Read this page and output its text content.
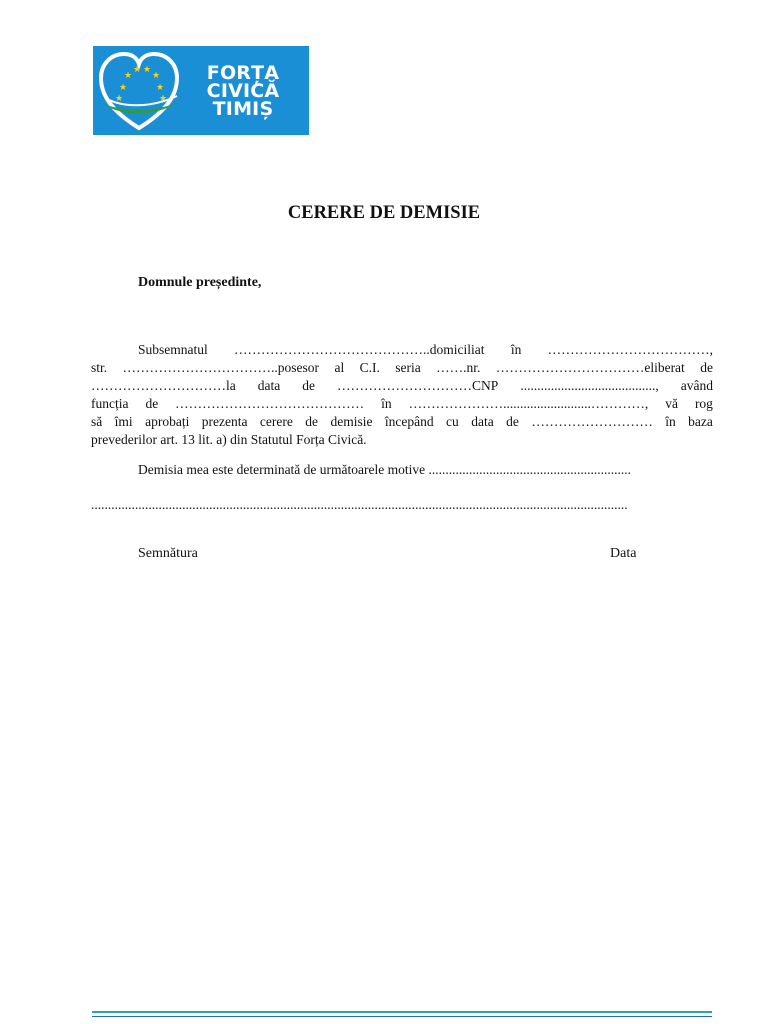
★
★
★ ★
★
★
★	★
FORȚA
CIVICĂ
TIMIȘ
CERERE DE DEMISIE
Domnule președinte,
Subsemnatul ……………………………………..domiciliat în ………………………………,
str. ……………………………..posesor al C.I. seria …….nr. ……………………………eliberat de
…………………………la data de …………………………CNP ........................................, având
funcția de …………………………………… în …………………..........................…………, vă rog
să îmi aprobați prezenta cerere de demisie începând cu data de ……………………… în baza
prevederilor art. 13 lit. a) din Statutul Forța Civică.
Demisia mea este determinată de următoarele motive ............................................................
...............................................................................................................................................................
Semnătura	Data
